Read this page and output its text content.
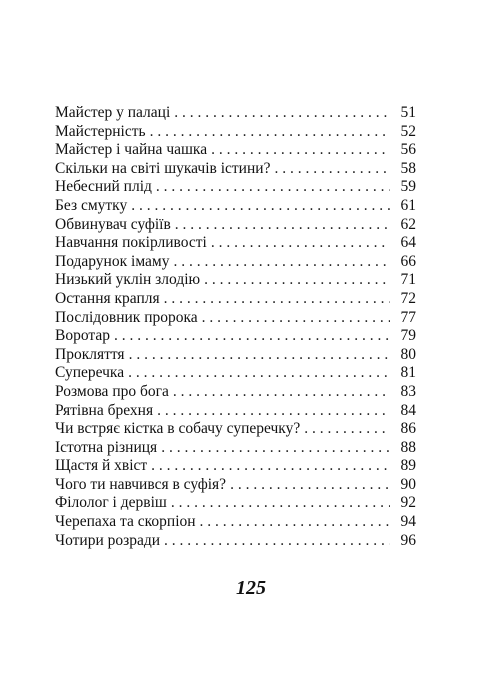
Майстер у палаці . . .	51
Майстерність . . .	52
Майстер і чайна чашка . . .	56
Скільки на світі шукачів істини? . . .	58
Небесний плід . . .	59
Без смутку . . .	61
Обвинувач суфіїв . . .	62
Навчання покірливості . . .	64
Подарунок імаму . . .	66
Низький уклін злодію . . .	71
Остання крапля . . .	72
Послідовник пророка . . .	77
Воротар . . .	79
Прокляття . . .	80
Суперечка . . .	81
Розмова про бога . . .	83
Рятівна брехня . . .	84
Чи встряє кістка в собачу суперечку? . . .	86
Істотна різниця . . .	88
Щастя й хвіст . . .	89
Чого ти навчився в суфія? . . .	90
Філолог і дервіш . . .	92
Черепаха та скорпіон . . .	94
Чотири розради . . .	96
125
